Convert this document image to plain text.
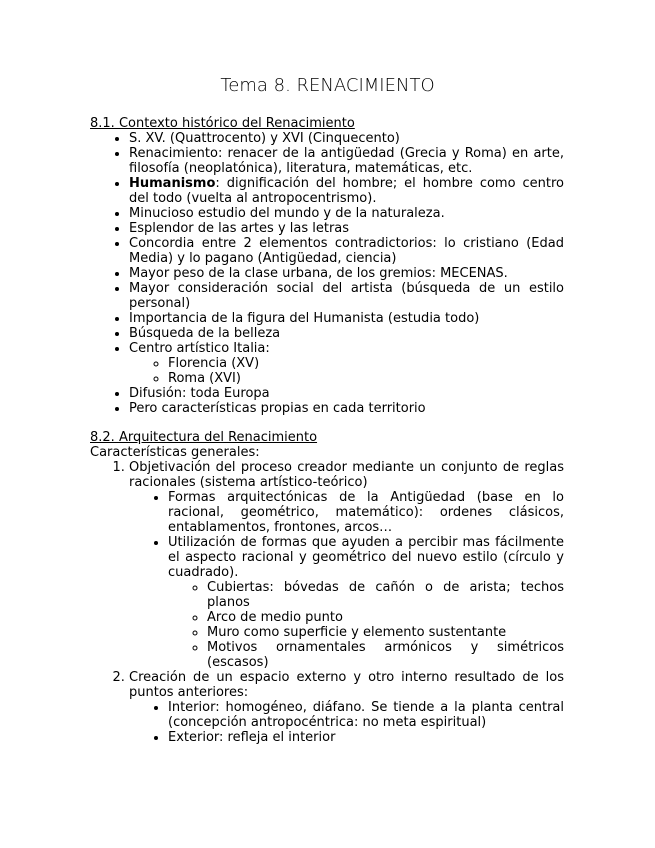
Tema 8. RENACIMIENTO

8.1. Contexto histórico del Renacimiento

• S. XV. (Quattrocento) y XVI (Cinquecento)
• Renacimiento: renacer de la antigüedad (Grecia y Roma) en arte, filosofía (neoplatónica), literatura, matemáticas, etc.
• Humanismo: dignificación del hombre; el hombre como centro del todo (vuelta al antropocentrismo).
• Minucioso estudio del mundo y de la naturaleza.
• Esplendor de las artes y las letras
• Concordia entre 2 elementos contradictorios: lo cristiano (Edad Media) y lo pagano (Antigüedad, ciencia)
• Mayor peso de la clase urbana, de los gremios: MECENAS.
• Mayor consideración social del artista (búsqueda de un estilo personal)
• Importancia de la figura del Humanista (estudia todo)
• Búsqueda de la belleza
• Centro artístico Italia:
◦ Florencia (XV)
◦ Roma (XVI)
• Difusión: toda Europa
• Pero características propias en cada territorio

8.2. Arquitectura del Renacimiento

Características generales:

1. Objetivación del proceso creador mediante un conjunto de reglas racionales (sistema artístico-teórico)
• Formas arquitectónicas de la Antigüedad (base en lo racional, geométrico, matemático): ordenes clásicos, entablamentos, frontones, arcos…
• Utilización de formas que ayuden a percibir mas fácilmente el aspecto racional y geométrico del nuevo estilo (círculo y cuadrado).
◦ Cubiertas: bóvedas de cañón o de arista; techos planos
◦ Arco de medio punto
◦ Muro como superficie y elemento sustentante
◦ Motivos ornamentales armónicos y simétricos (escasos)
2. Creación de un espacio externo y otro interno resultado de los puntos anteriores:
• Interior: homogéneo, diáfano. Se tiende a la planta central (concepción antropocéntrica: no meta espiritual)
• Exterior: refleja el interior
